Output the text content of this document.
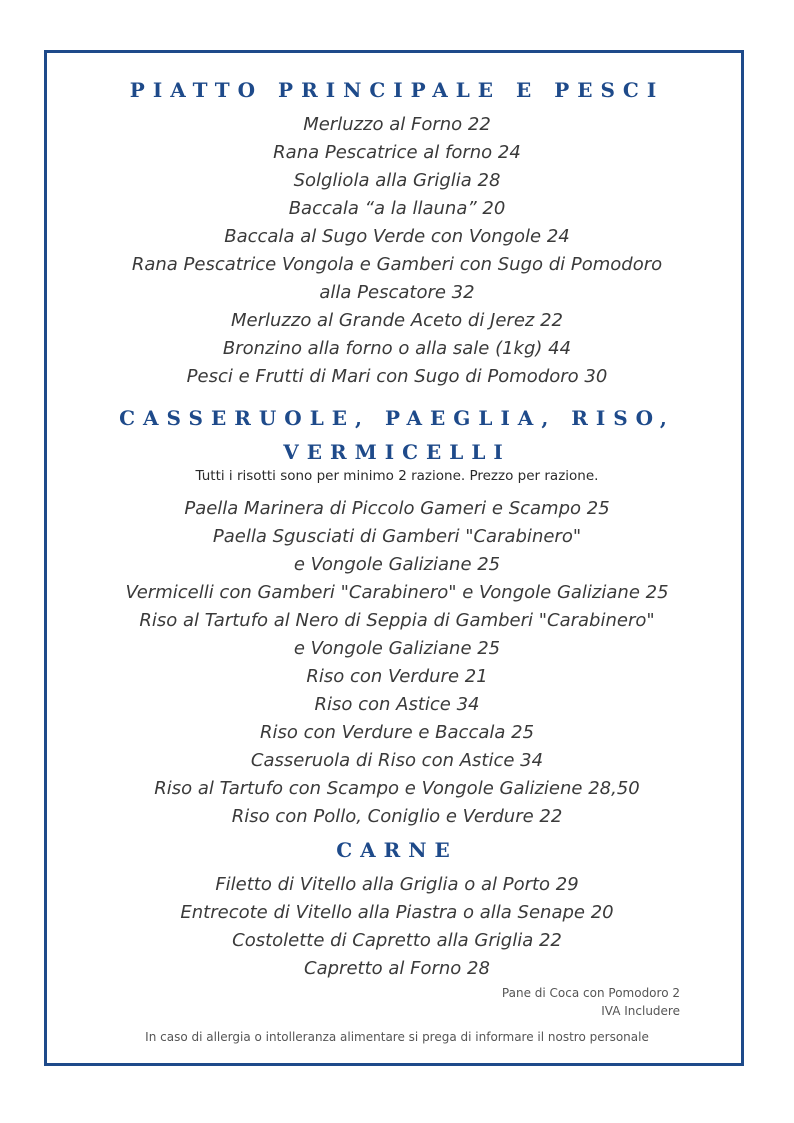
PIATTO PRINCIPALE E PESCI
Merluzzo al Forno 22
Rana Pescatrice al forno 24
Solgliola alla Griglia 28
Baccala “a la llauna” 20
Baccala al Sugo Verde con Vongole 24
Rana Pescatrice Vongola e Gamberi con Sugo di Pomodoro
alla Pescatore 32
Merluzzo al Grande Aceto di Jerez 22
Bronzino alla forno o alla sale (1kg) 44
Pesci e Frutti di Mari con Sugo di Pomodoro 30
CASSERUOLE, PAEGLIA, RISO,
VERMICELLI
Tutti i risotti sono per minimo 2 razione. Prezzo per razione.
Paella Marinera di Piccolo Gameri e Scampo 25
Paella Sgusciati di Gamberi "Carabinero"
e Vongole Galiziane 25
Vermicelli con Gamberi "Carabinero" e Vongole Galiziane 25
Riso al Tartufo al Nero di Seppia di Gamberi "Carabinero"
e Vongole Galiziane 25
Riso con Verdure 21
Riso con Astice 34
Riso con Verdure e Baccala 25
Casseruola di Riso con Astice 34
Riso al Tartufo con Scampo e Vongole Galiziene 28,50
Riso con Pollo, Coniglio e Verdure 22
CARNE
Filetto di Vitello alla Griglia o al Porto 29
Entrecote di Vitello alla Piastra o alla Senape 20
Costolette di Capretto alla Griglia 22
Capretto al Forno 28
Pane di Coca con Pomodoro 2
IVA Includere
In caso di allergia o intolleranza alimentare si prega di informare il nostro personale
